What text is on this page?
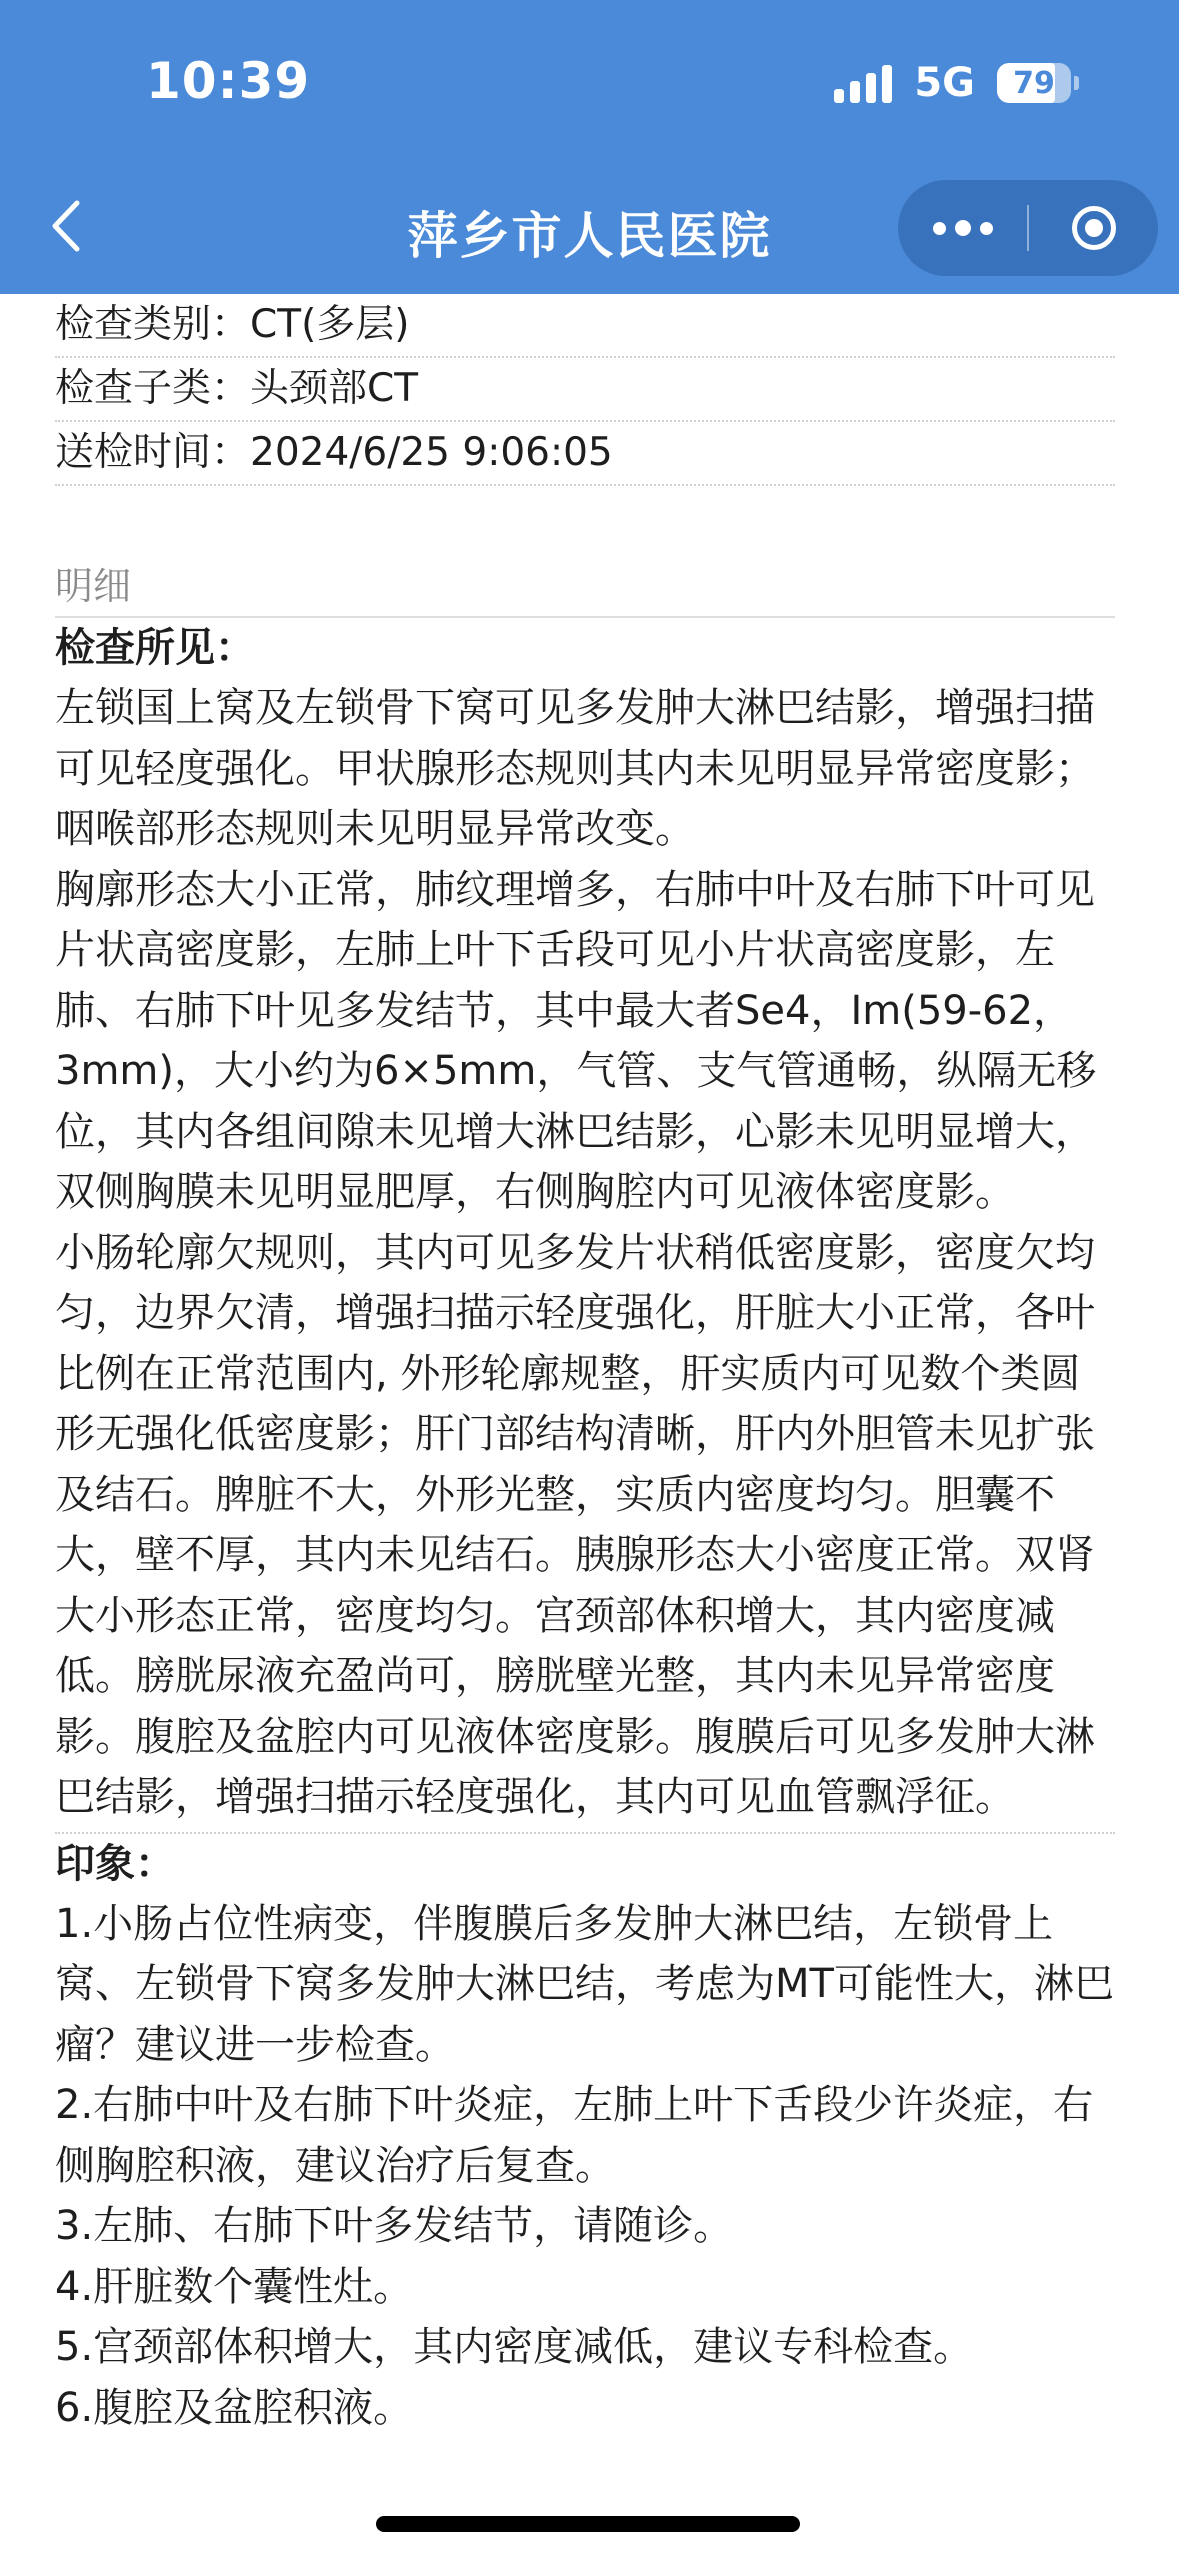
10:39	5G	79
萍乡市人民医院
检查类别：CT(多层)
检查子类：头颈部CT
送检时间：2024/6/25 9:06:05
明细
检查所见：

左锁国上窝及左锁骨下窝可见多发肿大淋巴结影，增强扫描可见轻度强化。甲状腺形态规则其内未见明显异常密度影；咽喉部形态规则未见明显异常改变。

胸廓形态大小正常，肺纹理增多，右肺中叶及右肺下叶可见片状高密度影，左肺上叶下舌段可见小片状高密度影，左肺、右肺下叶见多发结节，其中最大者Se4，Im(59-62，3mm)，大小约为6×5mm，气管、支气管通畅，纵隔无移位，其内各组间隙未见增大淋巴结影，心影未见明显增大，双侧胸膜未见明显肥厚，右侧胸腔内可见液体密度影。

小肠轮廓欠规则，其内可见多发片状稍低密度影，密度欠均匀，边界欠清，增强扫描示轻度强化，肝脏大小正常，各叶比例在正常范围内, 外形轮廓规整，肝实质内可见数个类圆形无强化低密度影；肝门部结构清晰，肝内外胆管未见扩张及结石。脾脏不大，外形光整，实质内密度均匀。胆囊不大，壁不厚，其内未见结石。胰腺形态大小密度正常。双肾大小形态正常，密度均匀。宫颈部体积增大，其内密度减低。膀胱尿液充盈尚可，膀胱壁光整，其内未见异常密度影。腹腔及盆腔内可见液体密度影。腹膜后可见多发肿大淋巴结影，增强扫描示轻度强化，其内可见血管飘浮征。

印象：
1.小肠占位性病变，伴腹膜后多发肿大淋巴结，左锁骨上窝、左锁骨下窝多发肿大淋巴结，考虑为MT可能性大，淋巴瘤？建议进一步检查。
2.右肺中叶及右肺下叶炎症，左肺上叶下舌段少许炎症，右侧胸腔积液，建议治疗后复查。
3.左肺、右肺下叶多发结节，请随诊。
4.肝脏数个囊性灶。
5.宫颈部体积增大，其内密度减低，建议专科检查。
6.腹腔及盆腔积液。
